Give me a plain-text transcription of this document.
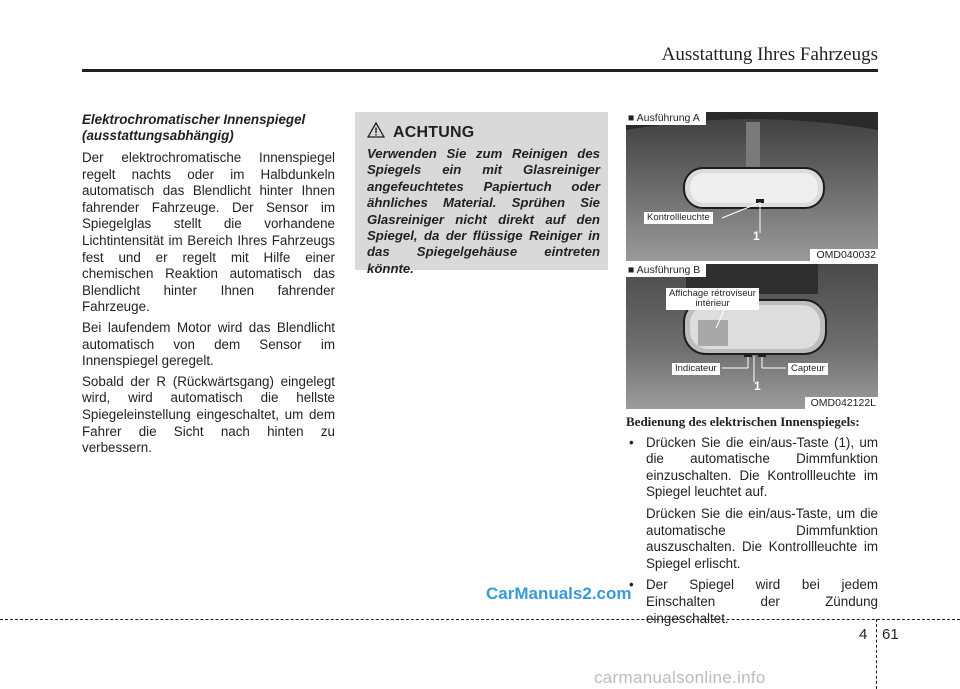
Ausstattung Ihres Fahrzeugs
Elektrochromatischer Innenspiegel
(ausstattungsabhängig)

Der elektrochromatische Innenspiegel regelt nachts oder im Halbdunkeln automatisch das Blendlicht hinter Ihnen fahrender Fahrzeuge. Der Sensor im Spiegelglas stellt die vorhandene Lichtintensität im Bereich Ihres Fahrzeugs fest und er regelt mit Hilfe einer chemischen Reaktion automatisch das Blendlicht hinter Ihnen fahrender Fahrzeuge.

Bei laufendem Motor wird das Blendlicht automatisch von dem Sensor im Innenspiegel geregelt.

Sobald der R (Rückwärtsgang) eingelegt wird, wird automatisch die hellste Spiegeleinstellung eingeschaltet, um dem Fahrer die Sicht nach hinten zu verbessern.

ACHTUNG
Verwenden Sie zum Reinigen des Spiegels ein mit Glasreiniger angefeuchtetes Papiertuch oder ähnliches Material. Sprühen Sie Glasreiniger nicht direkt auf den Spiegel, da der flüssige Reiniger in das Spiegelgehäuse eintreten könnte.
■ Ausführung A
Kontrollleuchte
1
OMD040032
■ Ausführung B
Affichage rétroviseur
intérieur
Indicateur	Capteur
1
OMD042122L
Bedienung des elektrischen Innenspiegels:
• Drücken Sie die ein/aus-Taste (1), um die automatische Dimmfunktion einzuschalten. Die Kontrollleuchte im Spiegel leuchtet auf.

Drücken Sie die ein/aus-Taste, um die automatische Dimmfunktion auszuschalten. Die Kontrollleuchte im Spiegel erlischt.

• Der Spiegel wird bei jedem Einschalten der Zündung eingeschaltet.

CarManuals2.com
4 61
carmanualsonline.info
